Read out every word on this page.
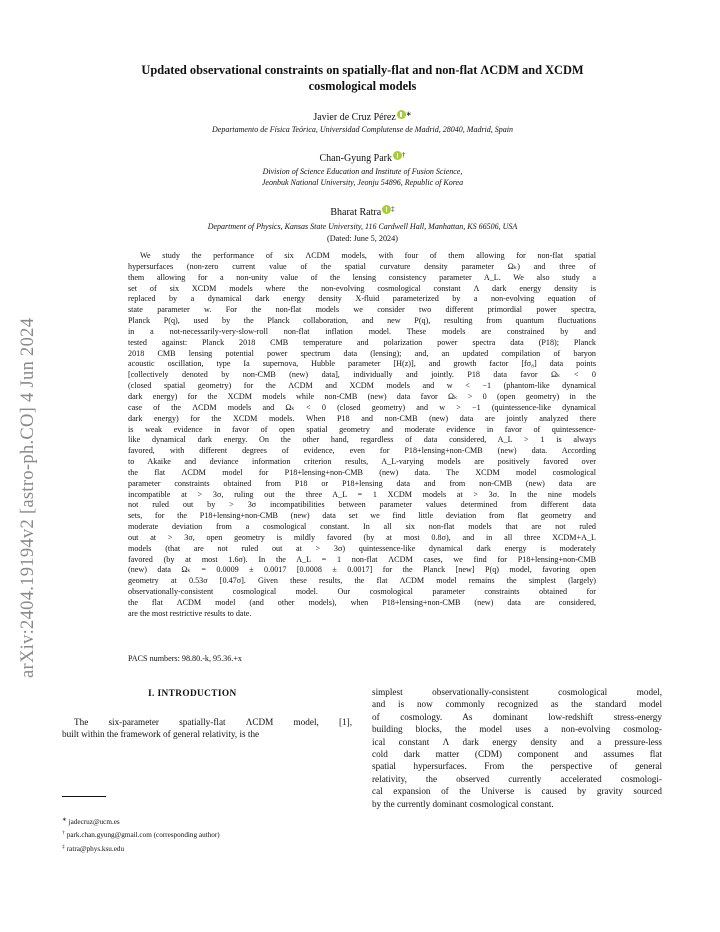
arXiv:2404.19194v2 [astro-ph.CO] 4 Jun 2024
Updated observational constraints on spatially-flat and non-flat ΛCDM and XCDM
cosmological models
Javier de Cruz Pérez ∗
Departamento de Física Teórica, Universidad Complutense de Madrid, 28040, Madrid, Spain
Chan-Gyung Park †
Division of Science Education and Institute of Fusion Science,
Jeonbuk National University, Jeonju 54896, Republic of Korea
Bharat Ratra ‡
Department of Physics, Kansas State University, 116 Cardwell Hall, Manhattan, KS 66506, USA
(Dated: June 5, 2024)
We study the performance of six ΛCDM models, with four of them allowing for non-flat spatial
hypersurfaces (non-zero current value of the spatial curvature density parameter Ωₖ) and three of
them allowing for a non-unity value of the lensing consistency parameter A_L. We also study a
set of six XCDM models where the non-evolving cosmological constant Λ dark energy density is
replaced by a dynamical dark energy density X-fluid parameterized by a non-evolving equation of
state parameter w. For the non-flat models we consider two different primordial power spectra,
Planck P(q), used by the Planck collaboration, and new P(q), resulting from quantum fluctuations
in a not-necessarily-very-slow-roll non-flat inflation model. These models are constrained by and
tested against: Planck 2018 CMB temperature and polarization power spectra data (P18); Planck
2018 CMB lensing potential power spectrum data (lensing); and, an updated compilation of baryon
acoustic oscillation, type Ia supernova, Hubble parameter [H(z)], and growth factor [fσ₈] data points
[collectively denoted by non-CMB (new) data], individually and jointly. P18 data favor Ωₖ < 0
(closed spatial geometry) for the ΛCDM and XCDM models and w < −1 (phantom-like dynamical
dark energy) for the XCDM models while non-CMB (new) data favor Ωₖ > 0 (open geometry) in the
case of the ΛCDM models and Ωₖ < 0 (closed geometry) and w > −1 (quintessence-like dynamical
dark energy) for the XCDM models. When P18 and non-CMB (new) data are jointly analyzed there
is weak evidence in favor of open spatial geometry and moderate evidence in favor of quintessence-
like dynamical dark energy. On the other hand, regardless of data considered, A_L > 1 is always
favored, with different degrees of evidence, even for P18+lensing+non-CMB (new) data. According
to Akaike and deviance information criterion results, A_L-varying models are positively favored over
the flat ΛCDM model for P18+lensing+non-CMB (new) data. The XCDM model cosmological
parameter constraints obtained from P18 or P18+lensing data and from non-CMB (new) data are
incompatible at > 3σ, ruling out the three A_L = 1 XCDM models at > 3σ. In the nine models
not ruled out by > 3σ incompatibilities between parameter values determined from different data
sets, for the P18+lensing+non-CMB (new) data set we find little deviation from flat geometry and
moderate deviation from a cosmological constant. In all six non-flat models that are not ruled
out at > 3σ, open geometry is mildly favored (by at most 0.8σ), and in all three XCDM+A_L
models (that are not ruled out at > 3σ) quintessence-like dynamical dark energy is moderately
favored (by at most 1.6σ). In the A_L = 1 non-flat ΛCDM cases, we find for P18+lensing+non-CMB
(new) data Ωₖ = 0.0009 ± 0.0017 [0.0008 ± 0.0017] for the Planck [new] P(q) model, favoring open
geometry at 0.53σ [0.47σ]. Given these results, the flat ΛCDM model remains the simplest (largely)
observationally-consistent cosmological model. Our cosmological parameter constraints obtained for
the flat ΛCDM model (and other models), when P18+lensing+non-CMB (new) data are considered,
are the most restrictive results to date.
PACS numbers: 98.80.-k, 95.36.+x
I. INTRODUCTION
The six-parameter spatially-flat ΛCDM model, [1],
built within the framework of general relativity, is the
simplest observationally-consistent cosmological model,
and is now commonly recognized as the standard model
of cosmology. As dominant low-redshift stress-energy
building blocks, the model uses a non-evolving cosmolog-
ical constant Λ dark energy density and a pressure-less
cold dark matter (CDM) component and assumes flat
spatial hypersurfaces. From the perspective of general
relativity, the observed currently accelerated cosmologi-
cal expansion of the Universe is caused by gravity sourced
by the currently dominant cosmological constant.
∗ jadecruz@ucm.es
† park.chan.gyung@gmail.com (corresponding author)
‡ ratra@phys.ksu.edu
